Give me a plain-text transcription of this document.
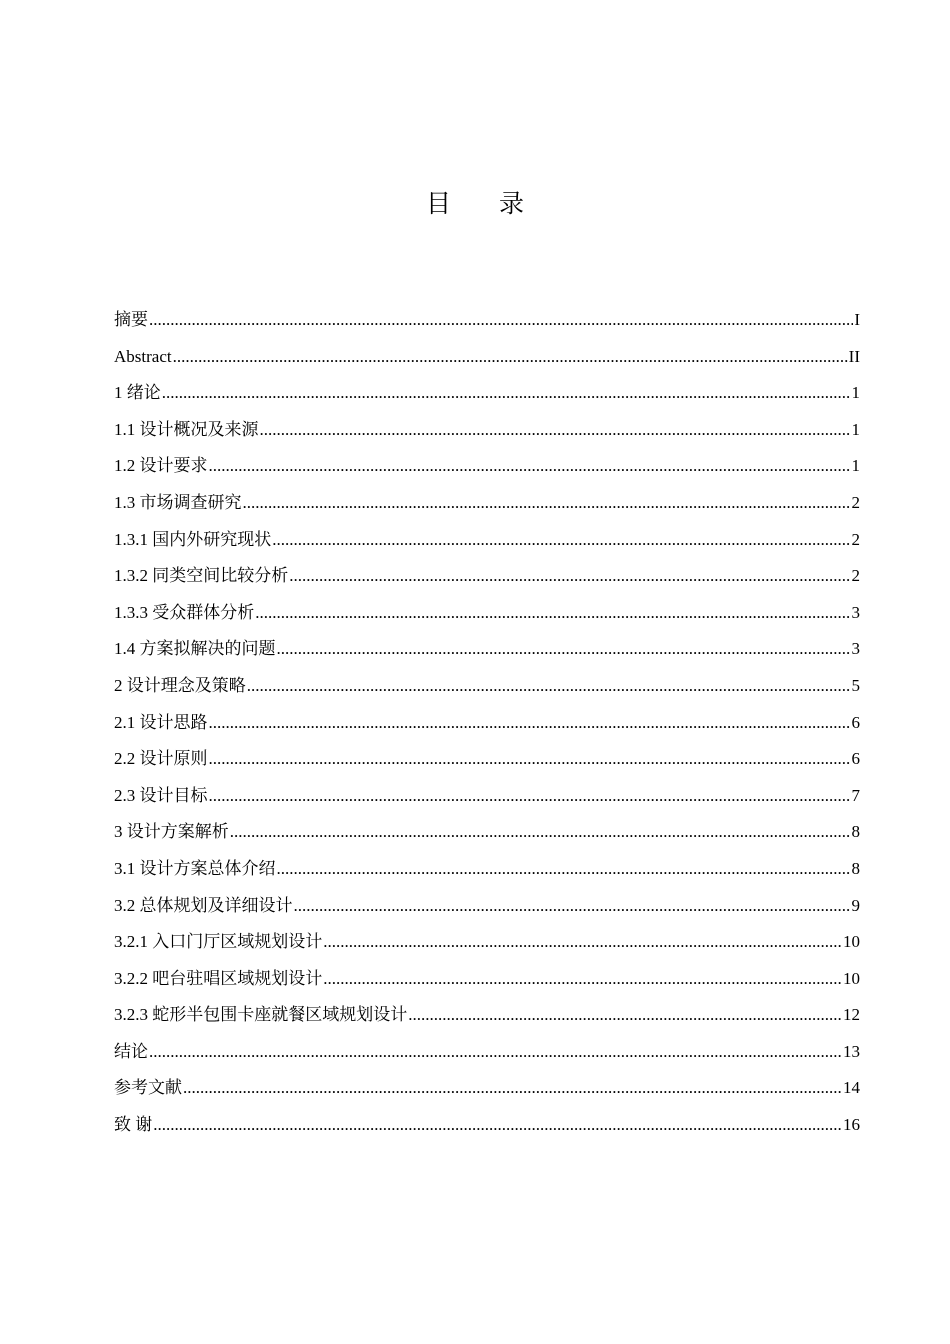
目 录
摘要 .....	I
Abstract .....	II
1 绪论 .....	1
1.1 设计概况及来源 .....	1
1.2 设计要求 .....	1
1.3 市场调查研究 .....	2
1.3.1 国内外研究现状 .....	2
1.3.2 同类空间比较分析 .....	2
1.3.3 受众群体分析 .....	3
1.4 方案拟解决的问题 .....	3
2 设计理念及策略 .....	5
2.1 设计思路 .....	6
2.2 设计原则 .....	6
2.3 设计目标 .....	7
3 设计方案解析 .....	8
3.1 设计方案总体介绍 .....	8
3.2 总体规划及详细设计 .....	9
3.2.1 入口门厅区域规划设计 .....	10
3.2.2 吧台驻唱区域规划设计 .....	10
3.2.3 蛇形半包围卡座就餐区域规划设计 .....	12
结论 .....	13
参考文献 .....	14
致 谢 .....	16
